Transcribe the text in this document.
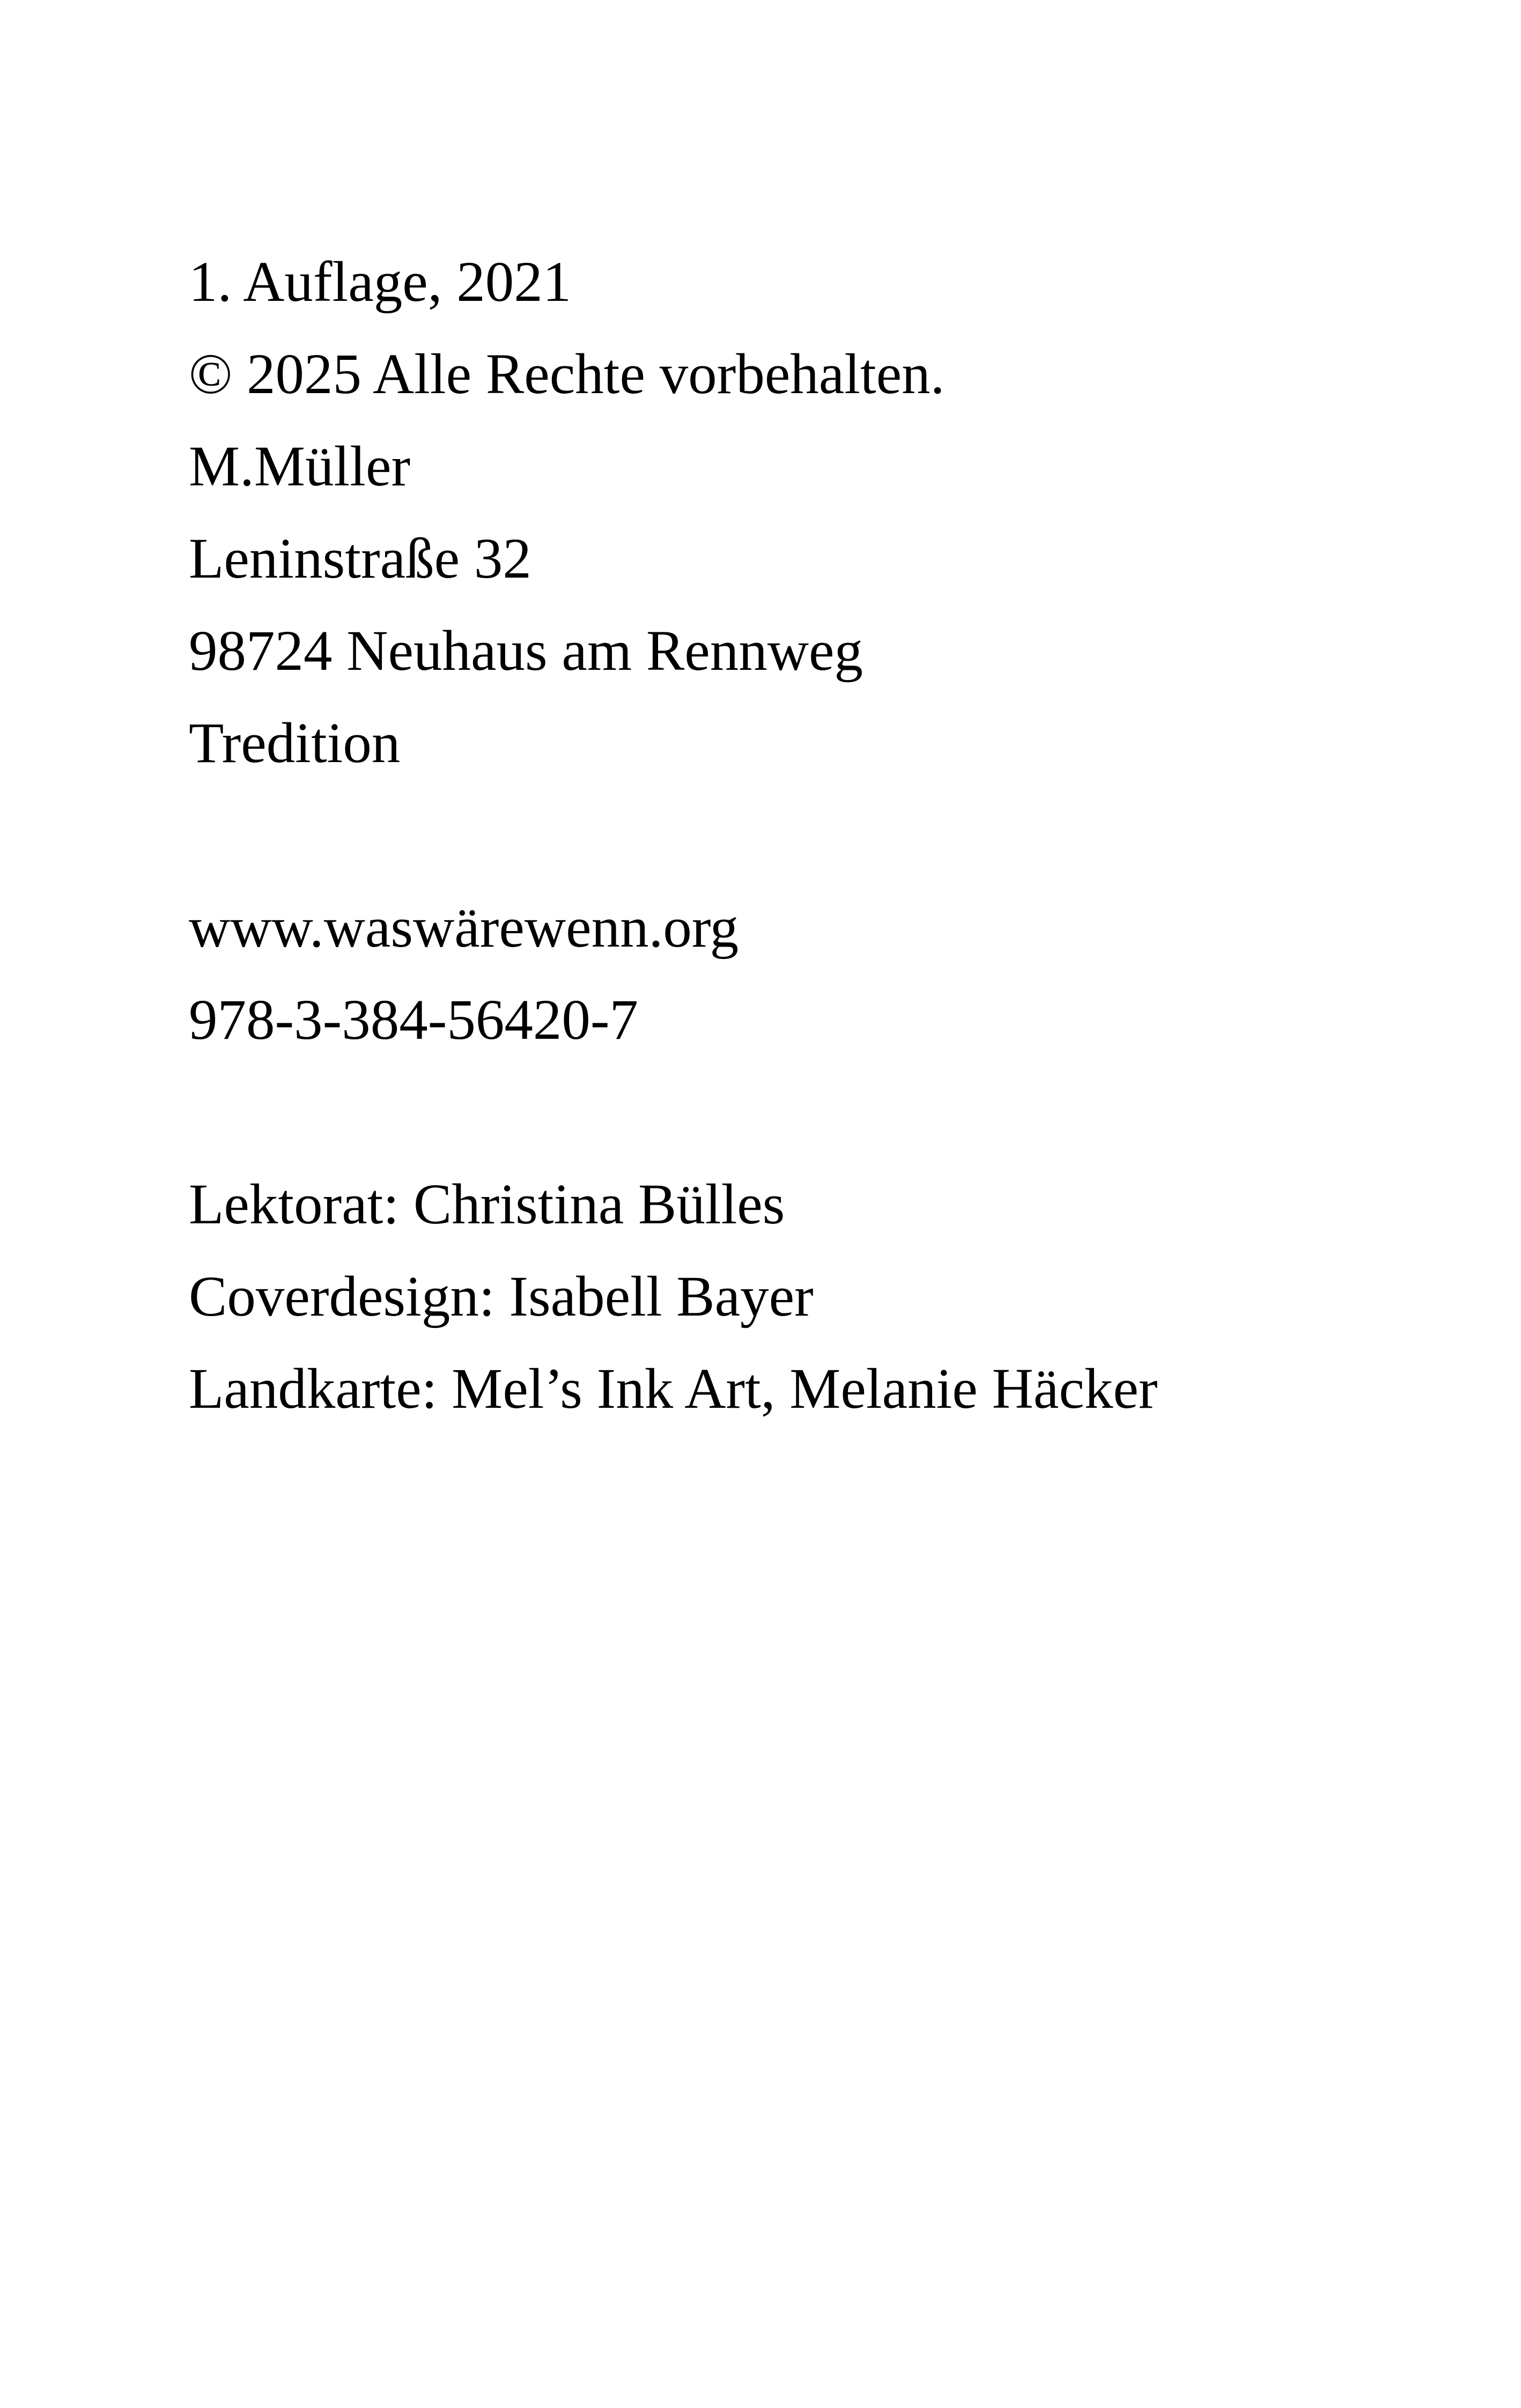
1. Auflage, 2021
© 2025 Alle Rechte vorbehalten.
M.Müller
Leninstraße 32
98724 Neuhaus am Rennweg
Tredition
www.waswärewenn.org
978-3-384-56420-7
Lektorat: Christina Bülles
Coverdesign: Isabell Bayer
Landkarte: Mel’s Ink Art, Melanie Häcker
